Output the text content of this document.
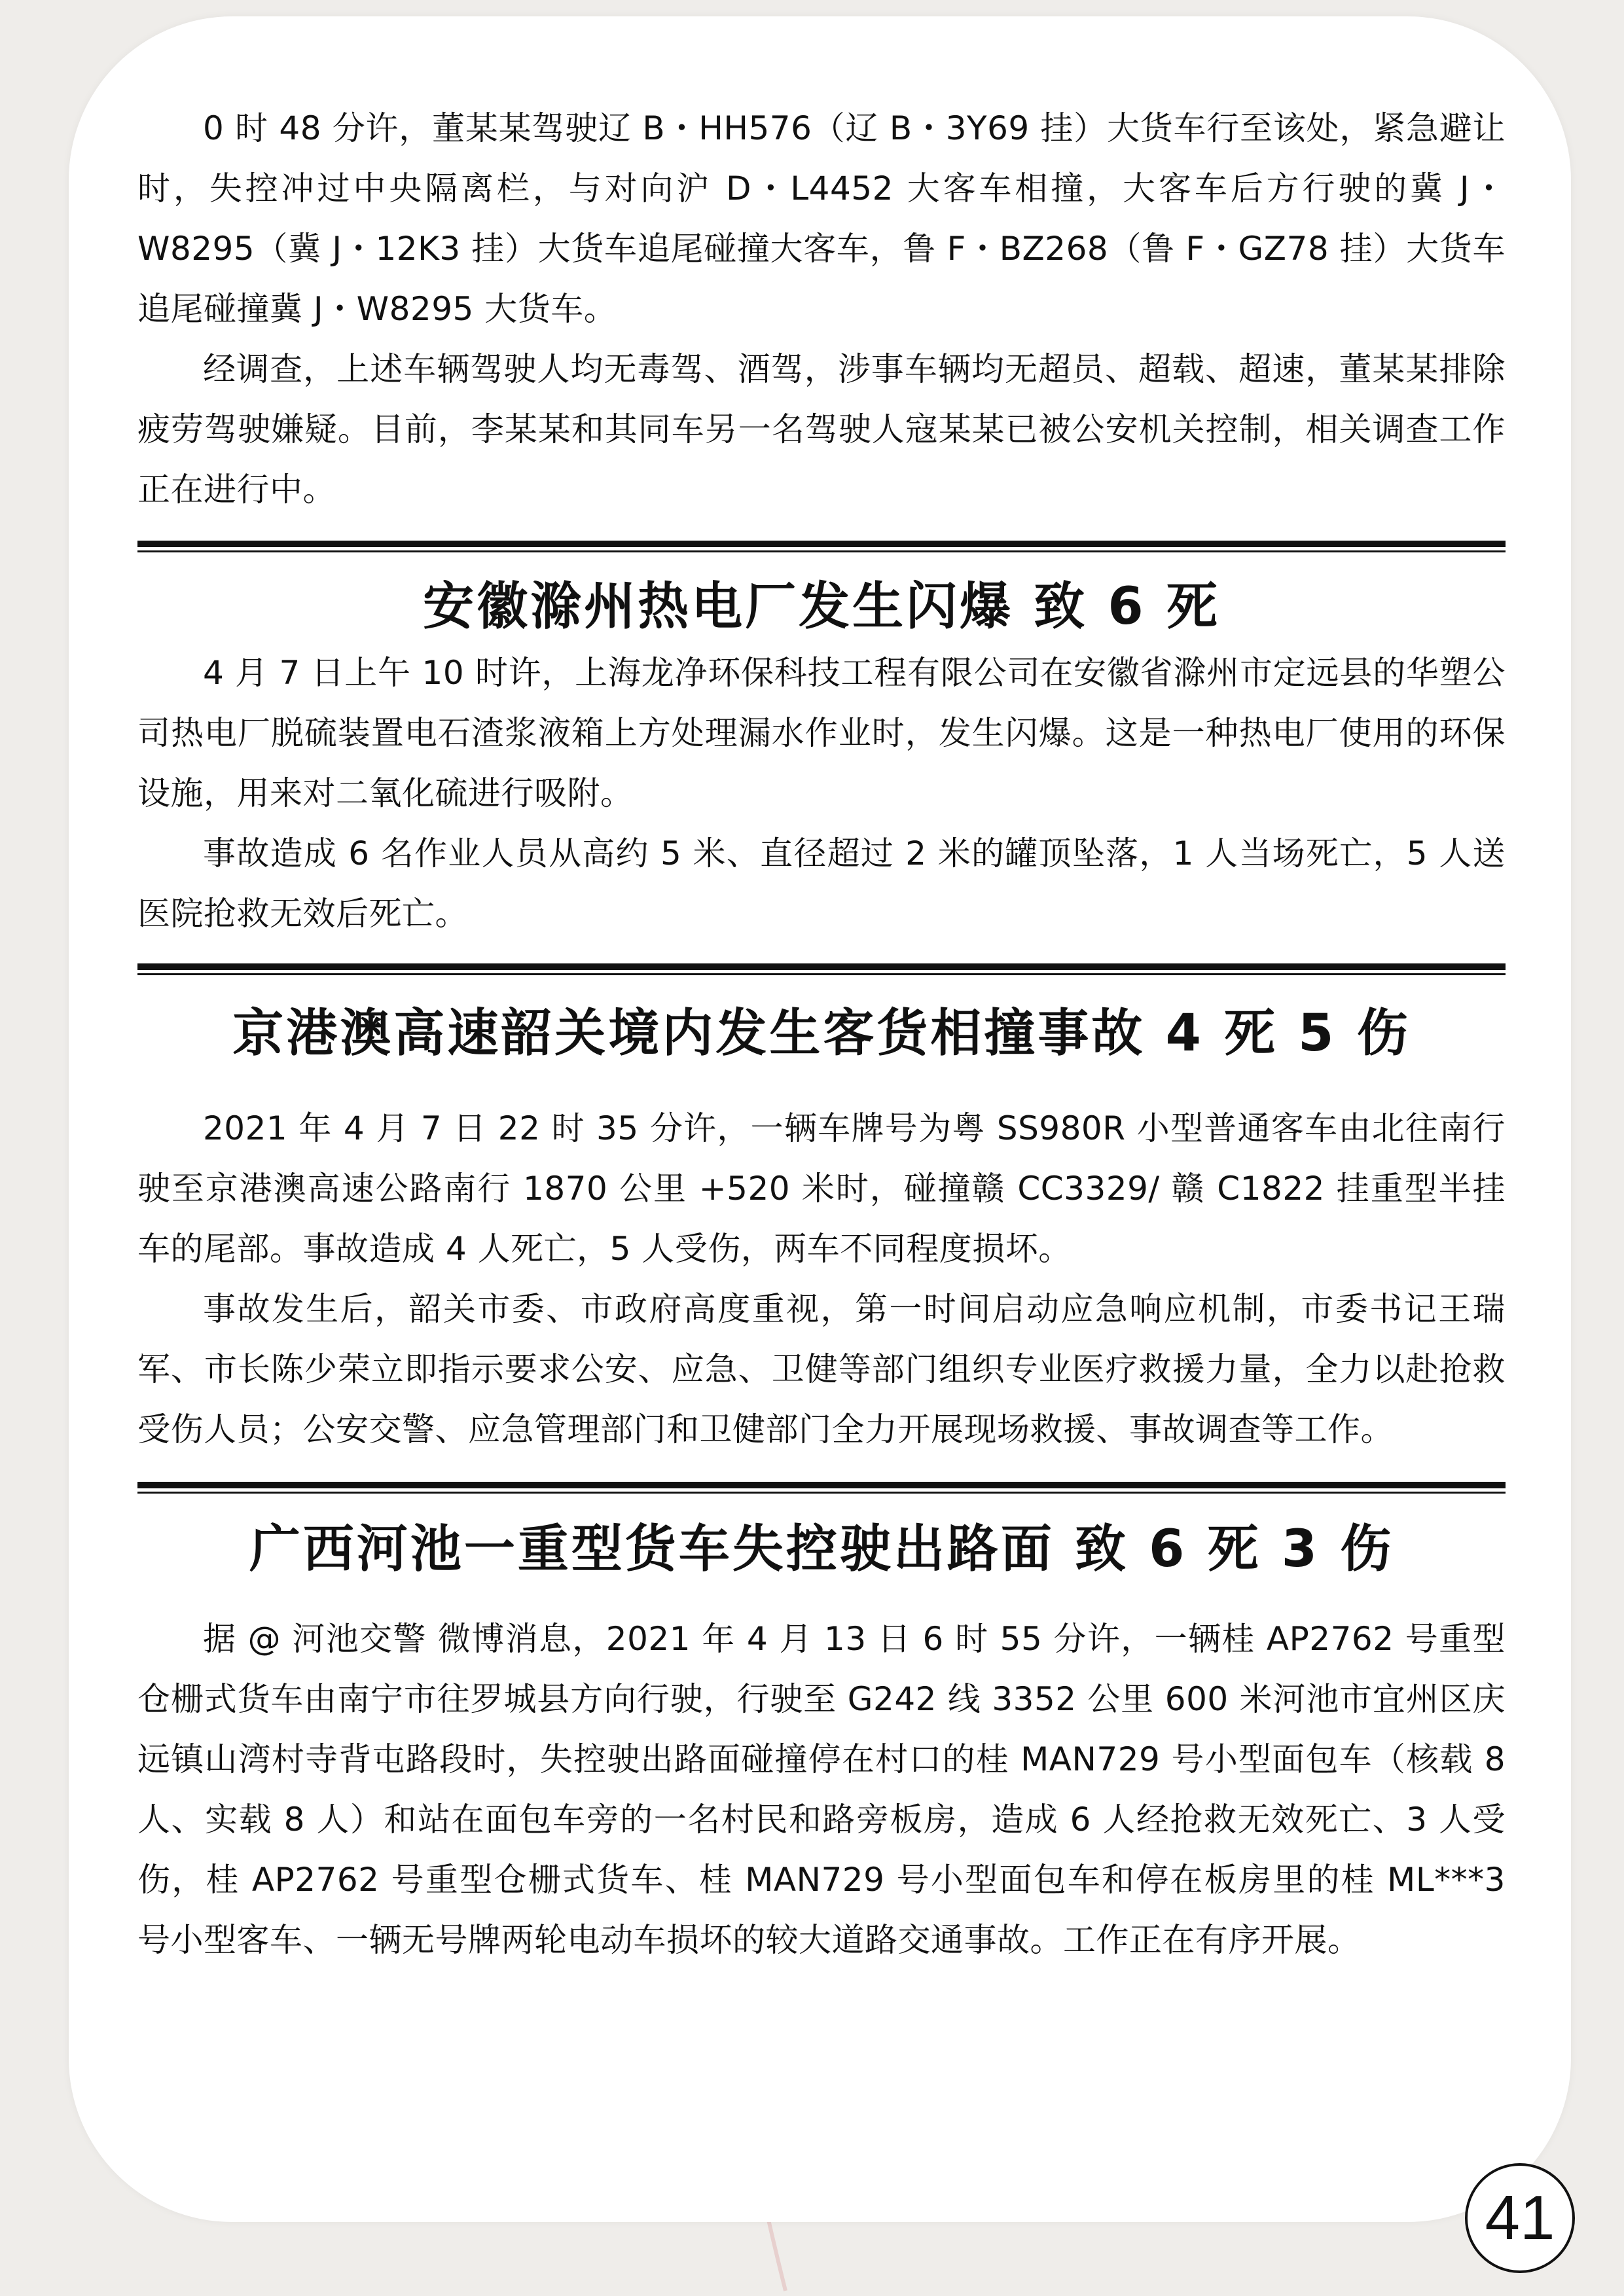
0 时 48 分许，董某某驾驶辽 B・HH576（辽 B・3Y69 挂）大货车行至该处，紧急避让时，失控冲过中央隔离栏，与对向沪 D・L4452 大客车相撞，大客车后方行驶的冀 J・W8295（冀 J・12K3 挂）大货车追尾碰撞大客车，鲁 F・BZ268（鲁 F・GZ78 挂）大货车追尾碰撞冀 J・W8295 大货车。

经调查，上述车辆驾驶人均无毒驾、酒驾，涉事车辆均无超员、超载、超速，董某某排除疲劳驾驶嫌疑。目前，李某某和其同车另一名驾驶人寇某某已被公安机关控制，相关调查工作正在进行中。

安徽滁州热电厂发生闪爆 致 6 死

4 月 7 日上午 10 时许，上海龙净环保科技工程有限公司在安徽省滁州市定远县的华塑公司热电厂脱硫装置电石渣浆液箱上方处理漏水作业时，发生闪爆。这是一种热电厂使用的环保设施，用来对二氧化硫进行吸附。

事故造成 6 名作业人员从高约 5 米、直径超过 2 米的罐顶坠落，1 人当场死亡，5 人送医院抢救无效后死亡。

京港澳高速韶关境内发生客货相撞事故 4 死 5 伤

2021 年 4 月 7 日 22 时 35 分许，一辆车牌号为粤 SS980R 小型普通客车由北往南行驶至京港澳高速公路南行 1870 公里 +520 米时，碰撞赣 CC3329/ 赣 C1822 挂重型半挂车的尾部。事故造成 4 人死亡，5 人受伤，两车不同程度损坏。

事故发生后，韶关市委、市政府高度重视，第一时间启动应急响应机制，市委书记王瑞军、市长陈少荣立即指示要求公安、应急、卫健等部门组织专业医疗救援力量，全力以赴抢救受伤人员；公安交警、应急管理部门和卫健部门全力开展现场救援、事故调查等工作。

广西河池一重型货车失控驶出路面 致 6 死 3 伤

据 @ 河池交警 微博消息，2021 年 4 月 13 日 6 时 55 分许，一辆桂 AP2762 号重型仓栅式货车由南宁市往罗城县方向行驶，行驶至 G242 线 3352 公里 600 米河池市宜州区庆远镇山湾村寺背屯路段时，失控驶出路面碰撞停在村口的桂 MAN729 号小型面包车（核载 8 人、实载 8 人）和站在面包车旁的一名村民和路旁板房，造成 6 人经抢救无效死亡、3 人受伤，桂 AP2762 号重型仓栅式货车、桂 MAN729 号小型面包车和停在板房里的桂 ML***3 号小型客车、一辆无号牌两轮电动车损坏的较大道路交通事故。工作正在有序开展。

41
